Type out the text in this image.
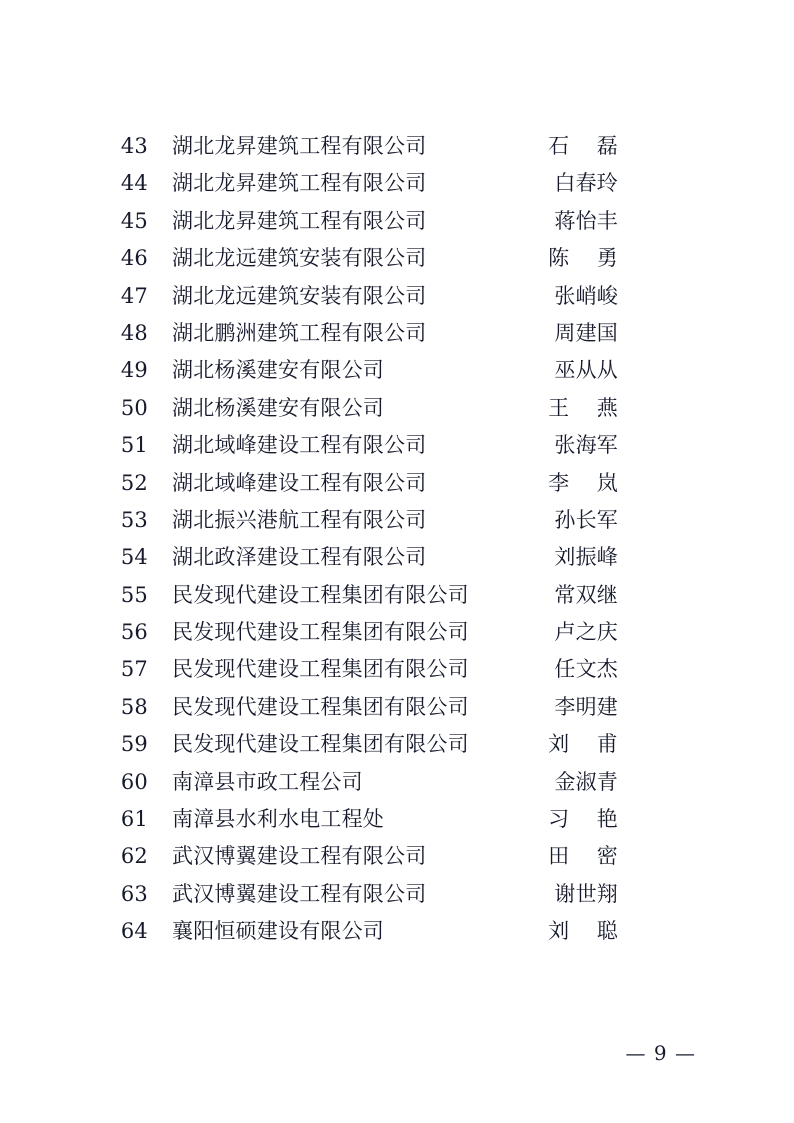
43	湖北龙昇建筑工程有限公司	石    磊
44	湖北龙昇建筑工程有限公司	白春玲
45	湖北龙昇建筑工程有限公司	蒋怡丰
46	湖北龙远建筑安装有限公司	陈    勇
47	湖北龙远建筑安装有限公司	张峭峻
48	湖北鹏洲建筑工程有限公司	周建国
49	湖北杨溪建安有限公司	巫从从
50	湖北杨溪建安有限公司	王    燕
51	湖北域峰建设工程有限公司	张海军
52	湖北域峰建设工程有限公司	李    岚
53	湖北振兴港航工程有限公司	孙长军
54	湖北政泽建设工程有限公司	刘振峰
55	民发现代建设工程集团有限公司	常双继
56	民发现代建设工程集团有限公司	卢之庆
57	民发现代建设工程集团有限公司	任文杰
58	民发现代建设工程集团有限公司	李明建
59	民发现代建设工程集团有限公司	刘    甫
60	南漳县市政工程公司	金淑青
61	南漳县水利水电工程处	习    艳
62	武汉博翼建设工程有限公司	田    密
63	武汉博翼建设工程有限公司	谢世翔
64	襄阳恒硕建设有限公司	刘    聪
— 9 —
